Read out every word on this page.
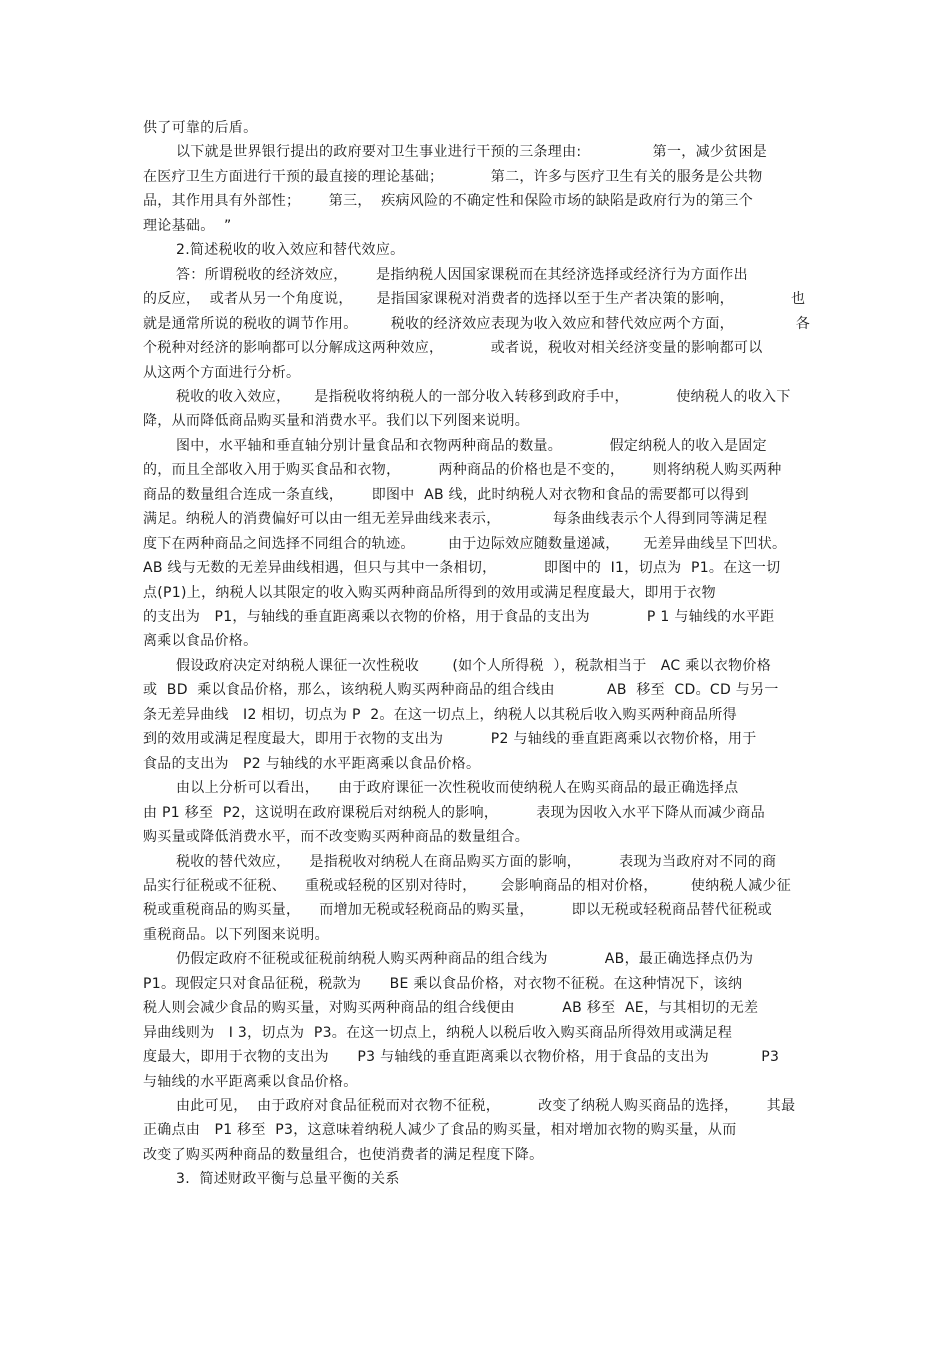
供了可靠的后盾。
以下就是世界银行提出的政府要对卫生事业进行干预的三条理由:               第一，减少贫困是
在医疗卫生方面进行干预的最直接的理论基础；          第二，许多与医疗卫生有关的服务是公共物
品，其作用具有外部性；      第三，  疾病风险的不确定性和保险市场的缺陷是政府行为的第三个
理论基础。  ”
2.简述税收的收入效应和替代效应。
答：所谓税收的经济效应，      是指纳税人因国家课税而在其经济选择或经济行为方面作出
的反应，  或者从另一个角度说，     是指国家课税对消费者的选择以至于生产者决策的影响，            也
就是通常所说的税收的调节作用。       税收的经济效应表现为收入效应和替代效应两个方面，             各
个税种对经济的影响都可以分解成这两种效应，          或者说，税收对相关经济变量的影响都可以
从这两个方面进行分析。
税收的收入效应，     是指税收将纳税人的一部分收入转移到政府手中，          使纳税人的收入下
降，从而降低商品购买量和消费水平。我们以下列图来说明。
图中，水平轴和垂直轴分别计量食品和衣物两种商品的数量。          假定纳税人的收入是固定
的，而且全部收入用于购买食品和衣物，        两种商品的价格也是不变的，      则将纳税人购买两种
商品的数量组合连成一条直线，      即图中  AB 线，此时纳税人对衣物和食品的需要都可以得到
满足。纳税人的消费偏好可以由一组无差异曲线来表示，           每条曲线表示个人得到同等满足程
度下在两种商品之间选择不同组合的轨迹。       由于边际效应随数量递减，     无差异曲线呈下凹状。
AB 线与无数的无差异曲线相遇，但只与其中一条相切，          即图中的  I1，切点为  P1。在这一切
点(P1)上，纳税人以其限定的收入购买两种商品所得到的效用或满足程度最大，即用于衣物
的支出为   P1，与轴线的垂直距离乘以衣物的价格，用于食品的支出为            P 1 与轴线的水平距
离乘以食品价格。
假设政府决定对纳税人课征一次性税收       (如个人所得税  ），税款相当于   AC 乘以衣物价格
或  BD  乘以食品价格，那么，该纳税人购买两种商品的组合线由           AB  移至  CD。CD 与另一
条无差异曲线   I2 相切，切点为 P  2。在这一切点上，纳税人以其税后收入购买两种商品所得
到的效用或满足程度最大，即用于衣物的支出为          P2 与轴线的垂直距离乘以衣物价格，用于
食品的支出为   P2 与轴线的水平距离乘以食品价格。
由以上分析可以看出，    由于政府课征一次性税收而使纳税人在购买商品的最正确选择点
由 P1 移至  P2，这说明在政府课税后对纳税人的影响，        表现为因收入水平下降从而减少商品
购买量或降低消费水平，而不改变购买两种商品的数量组合。
税收的替代效应，    是指税收对纳税人在商品购买方面的影响，        表现为当政府对不同的商
品实行征税或不征税、    重税或轻税的区别对待时，     会影响商品的相对价格，       使纳税人减少征
税或重税商品的购买量，    而增加无税或轻税商品的购买量，        即以无税或轻税商品替代征税或
重税商品。以下列图来说明。
仍假定政府不征税或征税前纳税人购买两种商品的组合线为            AB，最正确选择点仍为
P1。现假定只对食品征税，税款为      BE 乘以食品价格，对衣物不征税。在这种情况下，该纳
税人则会减少食品的购买量，对购买两种商品的组合线便由          AB 移至  AE，与其相切的无差
异曲线则为   I 3，切点为  P3。在这一切点上，纳税人以税后收入购买商品所得效用或满足程
度最大，即用于衣物的支出为      P3 与轴线的垂直距离乘以衣物价格，用于食品的支出为           P3
与轴线的水平距离乘以食品价格。
由此可见，  由于政府对食品征税而对衣物不征税，        改变了纳税人购买商品的选择，      其最
正确点由   P1 移至  P3，这意味着纳税人减少了食品的购买量，相对增加衣物的购买量，从而
改变了购买两种商品的数量组合，也使消费者的满足程度下降。
3.  简述财政平衡与总量平衡的关系
